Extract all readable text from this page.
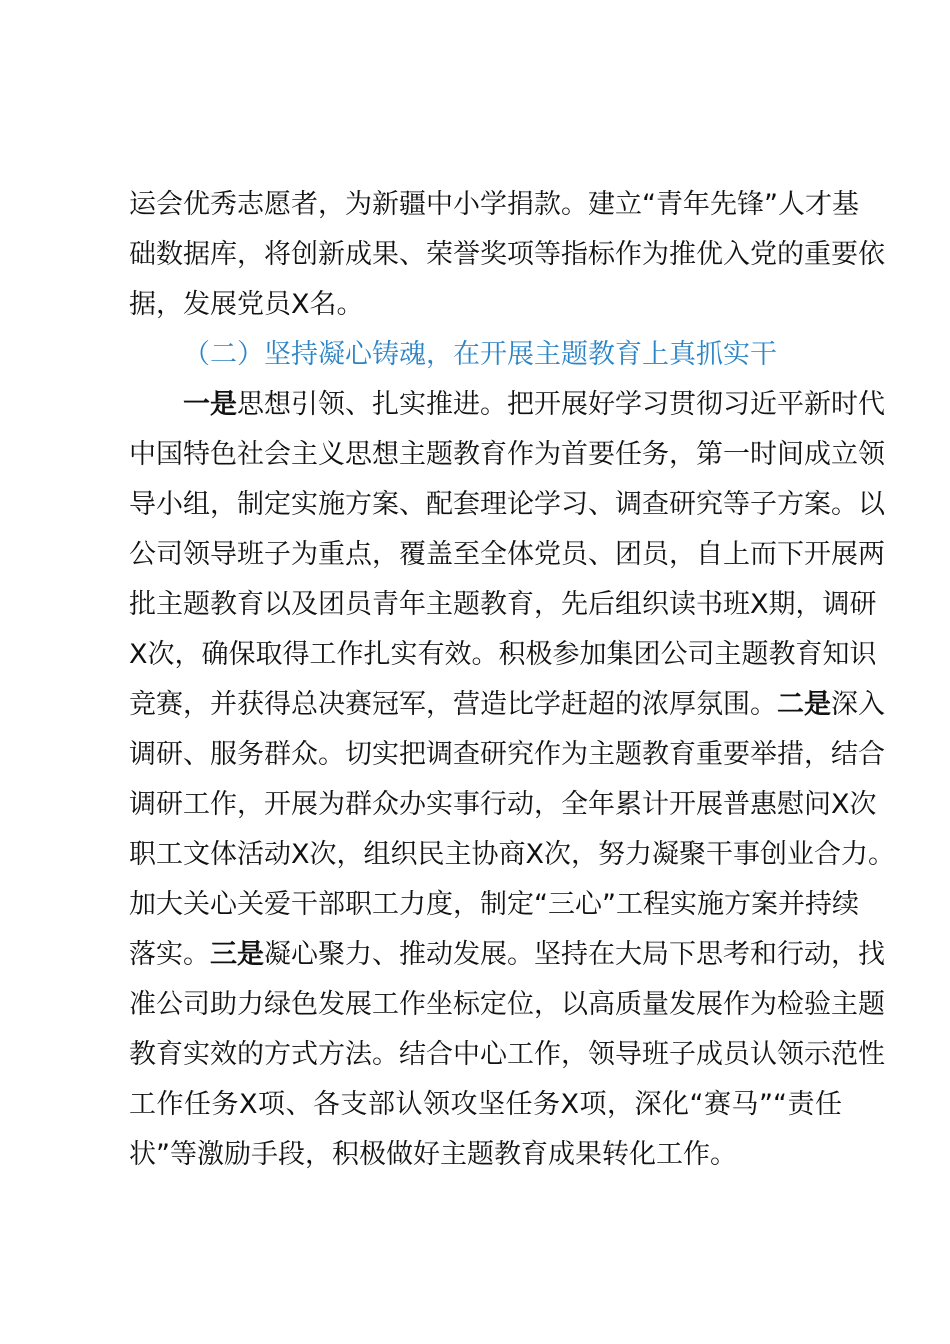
运会优秀志愿者，为新疆中小学捐款。建立“青年先锋”人才基
础数据库，将创新成果、荣誉奖项等指标作为推优入党的重要依
据，发展党员X名。
（二）坚持凝心铸魂，在开展主题教育上真抓实干
一是思想引领、扎实推进。把开展好学习贯彻习近平新时代
中国特色社会主义思想主题教育作为首要任务，第一时间成立领
导小组，制定实施方案、配套理论学习、调查研究等子方案。以
公司领导班子为重点，覆盖至全体党员、团员，自上而下开展两
批主题教育以及团员青年主题教育，先后组织读书班X期，调研
X次，确保取得工作扎实有效。积极参加集团公司主题教育知识
竞赛，并获得总决赛冠军，营造比学赶超的浓厚氛围。二是深入
调研、服务群众。切实把调查研究作为主题教育重要举措，结合
调研工作，开展为群众办实事行动，全年累计开展普惠慰问X次
职工文体活动X次，组织民主协商X次，努力凝聚干事创业合力。
加大关心关爱干部职工力度，制定“三心”工程实施方案并持续
落实。三是凝心聚力、推动发展。坚持在大局下思考和行动，找
准公司助力绿色发展工作坐标定位，以高质量发展作为检验主题
教育实效的方式方法。结合中心工作，领导班子成员认领示范性
工作任务X项、各支部认领攻坚任务X项，深化“赛马”“责任
状”等激励手段，积极做好主题教育成果转化工作。
